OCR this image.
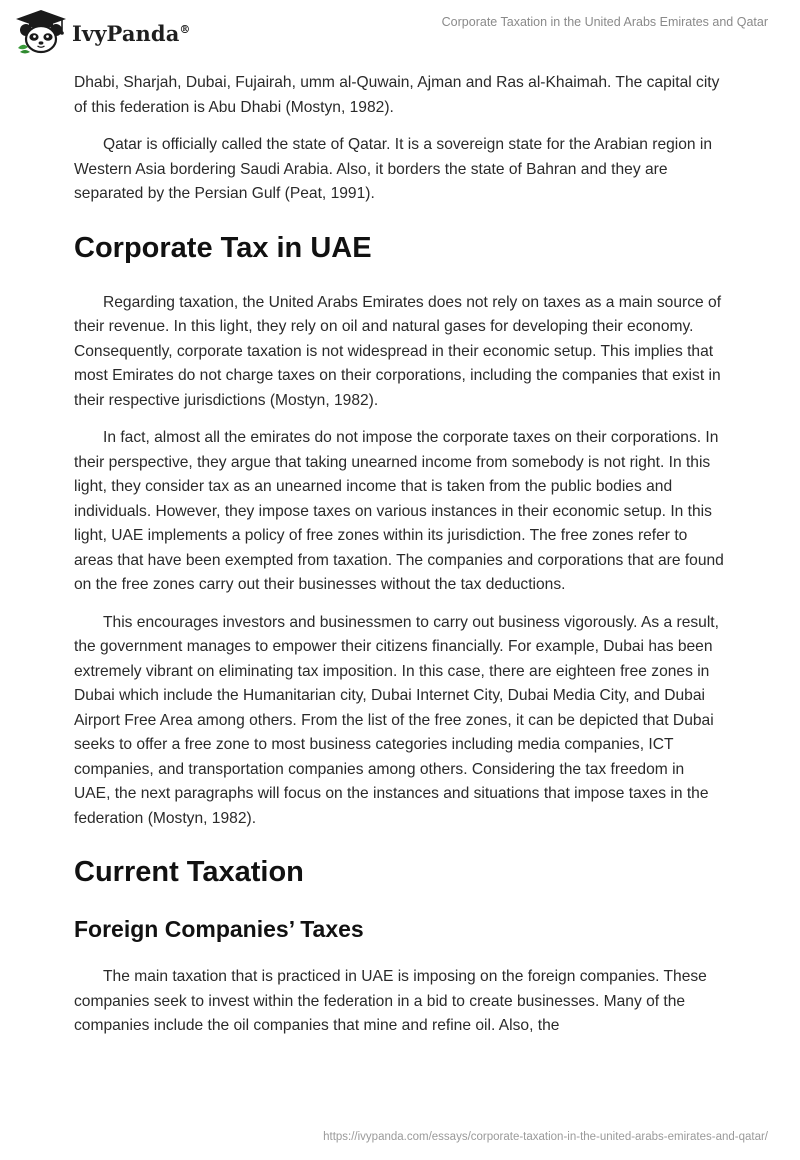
IvyPanda®	Corporate Taxation in the United Arabs Emirates and Qatar

Dhabi, Sharjah, Dubai, Fujairah, umm al-Quwain, Ajman and Ras al-Khaimah. The capital city of this federation is Abu Dhabi (Mostyn, 1982).

Qatar is officially called the state of Qatar. It is a sovereign state for the Arabian region in Western Asia bordering Saudi Arabia. Also, it borders the state of Bahran and they are separated by the Persian Gulf (Peat, 1991).

Corporate Tax in UAE

Regarding taxation, the United Arabs Emirates does not rely on taxes as a main source of their revenue. In this light, they rely on oil and natural gases for developing their economy. Consequently, corporate taxation is not widespread in their economic setup. This implies that most Emirates do not charge taxes on their corporations, including the companies that exist in their respective jurisdictions (Mostyn, 1982).

In fact, almost all the emirates do not impose the corporate taxes on their corporations. In their perspective, they argue that taking unearned income from somebody is not right. In this light, they consider tax as an unearned income that is taken from the public bodies and individuals. However, they impose taxes on various instances in their economic setup. In this light, UAE implements a policy of free zones within its jurisdiction. The free zones refer to areas that have been exempted from taxation. The companies and corporations that are found on the free zones carry out their businesses without the tax deductions.

This encourages investors and businessmen to carry out business vigorously. As a result, the government manages to empower their citizens financially. For example, Dubai has been extremely vibrant on eliminating tax imposition. In this case, there are eighteen free zones in Dubai which include the Humanitarian city, Dubai Internet City, Dubai Media City, and Dubai Airport Free Area among others. From the list of the free zones, it can be depicted that Dubai seeks to offer a free zone to most business categories including media companies, ICT companies, and transportation companies among others. Considering the tax freedom in UAE, the next paragraphs will focus on the instances and situations that impose taxes in the federation (Mostyn, 1982).

Current Taxation
Foreign Companies’ Taxes

The main taxation that is practiced in UAE is imposing on the foreign companies. These companies seek to invest within the federation in a bid to create businesses. Many of the companies include the oil companies that mine and refine oil. Also, the

https://ivypanda.com/essays/corporate-taxation-in-the-united-arabs-emirates-and-qatar/
